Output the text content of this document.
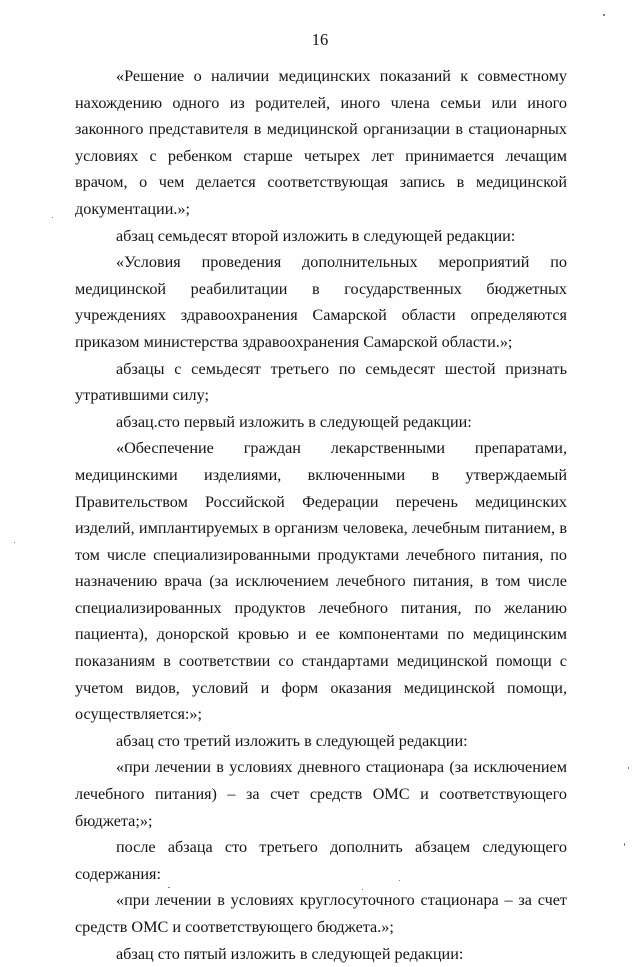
16

«Решение о наличии медицинских показаний к совместному нахождению одного из родителей, иного члена семьи или иного законного представителя в медицинской организации в стационарных условиях с ребенком старше четырех лет принимается лечащим врачом, о чем делается соответствующая запись в медицинской документации.»;

абзац семьдесят второй изложить в следующей редакции:

«Условия проведения дополнительных мероприятий по медицинской реабилитации в государственных бюджетных учреждениях здравоохранения Самарской области определяются приказом министерства здравоохранения Самарской области.»;

абзацы с семьдесят третьего по семьдесят шестой признать утратившими силу;

абзац.сто первый изложить в следующей редакции:

«Обеспечение граждан лекарственными препаратами, медицинскими изделиями, включенными в утверждаемый Правительством Российской Федерации перечень медицинских изделий, имплантируемых в организм человека, лечебным питанием, в том числе специализированными продуктами лечебного питания, по назначению врача (за исключением лечебного питания, в том числе специализированных продуктов лечебного питания, по желанию пациента), донорской кровью и ее компонентами по медицинским показаниям в соответствии со стандартами медицинской помощи с учетом видов, условий и форм оказания медицинской помощи, осуществляется:»;

абзац сто третий изложить в следующей редакции:

«при лечении в условиях дневного стационара (за исключением лечебного питания) – за счет средств ОМС и соответствующего бюджета;»;

после абзаца сто третьего дополнить абзацем следующего содержания:

«при лечении в условиях круглосуточного стационара – за счет средств ОМС и соответствующего бюджета.»;

абзац сто пятый изложить в следующей редакции:
